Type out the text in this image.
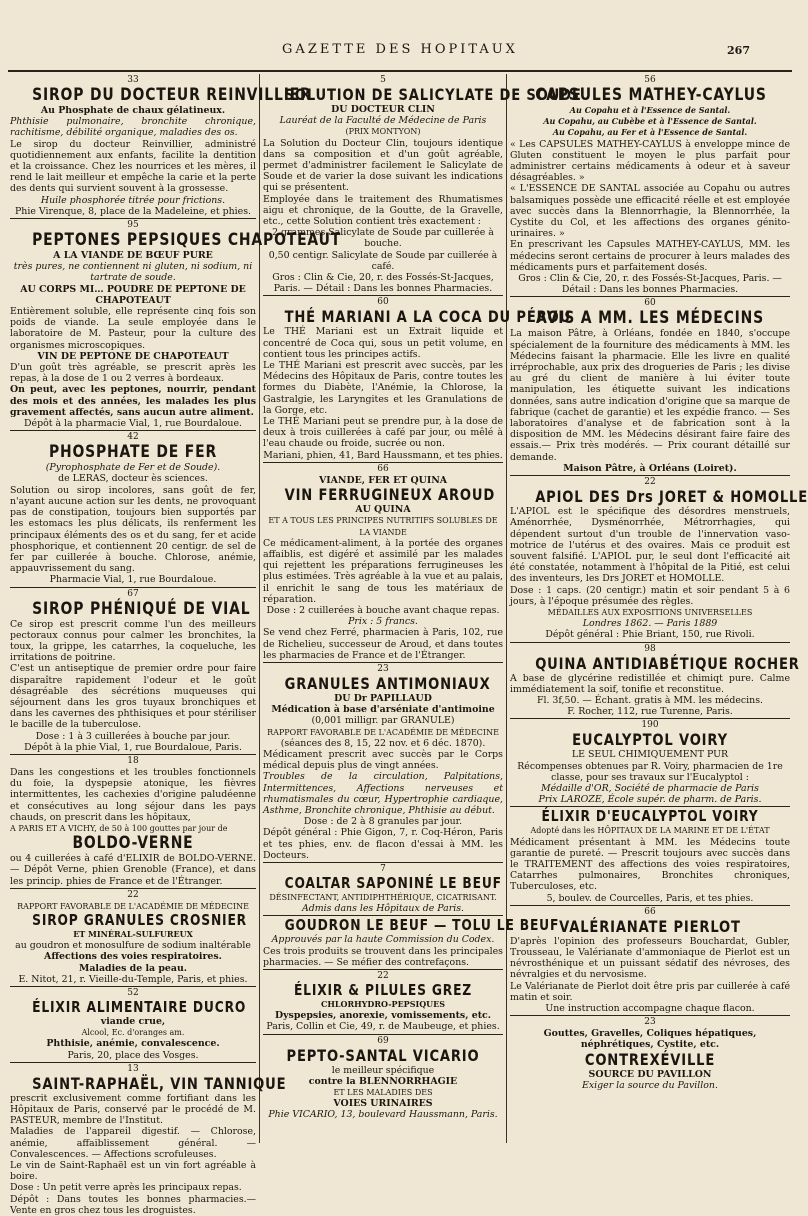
GAZETTE DES HOPITAUX	267
33
SIROP DU DOCTEUR REINVILLIER

Au Phosphate de chaux gélatineux.

Phthisie pulmonaire, bronchite chronique, rachitisme, débilité organique, maladies des os.

Le sirop du docteur Reinvillier, administré quotidiennement aux enfants, facilite la dentition et la croissance. Chez les nourrices et les mères, il rend le lait meilleur et empêche la carie et la perte des dents qui survient souvent à la grossesse.

Huile phosphorée titrée pour frictions.

Phie Virenque, 8, place de la Madeleine, et phies.

95
PEPTONES PEPSIQUES CHAPOTEAUT

A LA VIANDE DE BŒUF PURE

très pures, ne contiennent ni gluten, ni sodium, ni tartrate de soude.

AU CORPS MI… POUDRE DE PEPTONE DE CHAPOTEAUT

Entièrement soluble, elle représente cinq fois son poids de viande. La seule employée dans le laboratoire de M. Pasteur, pour la culture des organismes microscopiques.

VIN DE PEPTONE DE CHAPOTEAUT

D'un goût très agréable, se prescrit après les repas, à la dose de 1 ou 2 verres à bordeaux.

On peut, avec les peptones, nourrir, pendant des mois et des années, les malades les plus gravement affectés, sans aucun autre aliment.

Dépôt à la pharmacie Vial, 1, rue Bourdaloue.

42
PHOSPHATE DE FER

(Pyrophosphate de Fer et de Soude).

de LERAS, docteur ès sciences.

Solution ou sirop incolores, sans goût de fer, n'ayant aucune action sur les dents, ne provoquant pas de constipation, toujours bien supportés par les estomacs les plus délicats, ils renferment les principaux éléments des os et du sang, fer et acide phosphorique, et contiennent 20 centigr. de sel de fer par cuillerée à bouche. Chlorose, anémie, appauvrissement du sang.

Pharmacie Vial, 1, rue Bourdaloue.

67
SIROP PHÉNIQUÉ DE VIAL

Ce sirop est prescrit comme l'un des meilleurs pectoraux connus pour calmer les bronchites, la toux, la grippe, les catarrhes, la coqueluche, les irritations de poitrine.

C'est un antiseptique de premier ordre pour faire disparaître rapidement l'odeur et le goût désagréable des sécrétions muqueuses qui séjournent dans les gros tuyaux bronchiques et dans les cavernes des phthisiques et pour stériliser le bacille de la tuberculose.

Dose : 1 à 3 cuillerées à bouche par jour.

Dépôt à la phie Vial, 1, rue Bourdaloue, Paris.

18

Dans les congestions et les troubles fonctionnels du foie, la dyspepsie atonique, les fièvres intermittentes, les cachexies d'origine paludéenne et consécutives au long séjour dans les pays chauds, on prescrit dans les hôpitaux,

A PARIS ET A VICHY, de 50 à 100 gouttes par jour de

BOLDO-VERNE

ou 4 cuillerées à café d'ELIXIR de BOLDO-VERNE. — Dépôt Verne, phien Grenoble (France), et dans les princip. phies de France et de l'Étranger.

22

RAPPORT FAVORABLE DE L'ACADÉMIE DE MÉDECINE

SIROP GRANULES CROSNIER

ET MINÉRAL-SULFUREUX

au goudron et monosulfure de sodium inaltérable

Affections des voies respiratoires.

Maladies de la peau.

E. Nitot, 21, r. Vieille-du-Temple, Paris, et phies.

52
ÉLIXIR ALIMENTAIRE DUCRO

viande crue,

Alcool, Ec. d'oranges am.

Phthisie, anémie, convalescence.

Paris, 20, place des Vosges.

13
SAINT-RAPHAËL, VIN TANNIQUE

prescrit exclusivement comme fortifiant dans les Hôpitaux de Paris, conservé par le procédé de M. PASTEUR, membre de l'Institut.

Maladies de l'appareil digestif. — Chlorose, anémie, affaiblissement général. — Convalescences. — Affections scrofuleuses.

Le vin de Saint-Raphaël est un vin fort agréable à boire.

Dose : Un petit verre après les principaux repas.

Dépôt : Dans toutes les bonnes pharmacies.— Vente en gros chez tous les droguistes.

5
SOLUTION DE SALICYLATE DE SOUDE

DU DOCTEUR CLIN

Lauréat de la Faculté de Médecine de Paris

(PRIX MONTYON)

La Solution du Docteur Clin, toujours identique dans sa composition et d'un goût agréable, permet d'administrer facilement le Salicylate de Soude et de varier la dose suivant les indications qui se présentent.

Employée dans le traitement des Rhumatismes aigu et chronique, de la Goutte, de la Gravelle, etc., cette Solution contient très exactement :

2 grammes Salicylate de Soude par cuillerée à bouche.

0,50 centigr. Salicylate de Soude par cuillerée à café.

Gros : Clin & Cie, 20, r. des Fossés-St-Jacques, Paris. — Détail : Dans les bonnes Pharmacies.

60
THÉ MARIANI A LA COCA DU PÉROU

Le THÉ Mariani est un Extrait liquide et concentré de Coca qui, sous un petit volume, en contient tous les principes actifs.

Le THÉ Mariani est prescrit avec succès, par les Médecins des Hôpitaux de Paris, contre toutes les formes du Diabète, l'Anémie, la Chlorose, la Gastralgie, les Laryngites et les Granulations de la Gorge, etc.

Le THÉ Mariani peut se prendre pur, à la dose de deux à trois cuillerées à café par jour, ou mêlé à l'eau chaude ou froide, sucrée ou non.

Mariani, phien, 41, Bard Haussmann, et tes phies.

66

VIANDE, FER ET QUINA

VIN FERRUGINEUX AROUD

AU QUINA

ET A TOUS LES PRINCIPES NUTRITIFS SOLUBLES DE LA VIANDE

Ce médicament-aliment, à la portée des organes affaiblis, est digéré et assimilé par les malades qui rejettent les préparations ferrugineuses les plus estimées. Très agréable à la vue et au palais, il enrichit le sang de tous les matériaux de réparation.

Dose : 2 cuillerées à bouche avant chaque repas.

Prix : 5 francs.

Se vend chez Ferré, pharmacien à Paris, 102, rue de Richelieu, successeur de Aroud, et dans toutes les pharmacies de France et de l'Étranger.

23
GRANULES ANTIMONIAUX

DU Dr PAPILLAUD

Médication à base d'arséniate d'antimoine

(0,001 milligr. par GRANULE)

RAPPORT FAVORABLE DE L'ACADÉMIE DE MÉDECINE

(séances des 8, 15, 22 nov. et 6 déc. 1870).

Médicament prescrit avec succès par le Corps médical depuis plus de vingt années.

Troubles de la circulation, Palpitations, Intermittences, Affections nerveuses et rhumatismales du cœur, Hypertrophie cardiaque, Asthme, Bronchite chronique, Phthisie au début.

Dose : de 2 à 8 granules par jour.

Dépôt général : Phie Gigon, 7, r. Coq-Héron, Paris et tes phies, env. de flacon d'essai à MM. les Docteurs.

7
COALTAR SAPONINÉ LE BEUF

DÉSINFECTANT, ANTIDIPHTHÉRIQUE, CICATRISANT.

Admis dans les Hôpitaux de Paris.

GOUDRON LE BEUF — TOLU LE BEUF

Approuvés par la haute Commission du Codex.

Ces trois produits se trouvent dans les principales pharmacies. — Se méfier des contrefaçons.

22
ÉLIXIR & PILULES GREZ

CHLORHYDRO-PEPSIQUES

Dyspepsies, anorexie, vomissements, etc.

Paris, Collin et Cie, 49, r. de Maubeuge, et phies.

69
PEPTO-SANTAL VICARIO

le meilleur spécifique

contre la BLENNORRHAGIE

ET LES MALADIES DES

VOIES URINAIRES

Phie VICARIO, 13, boulevard Haussmann, Paris.

56
CAPSULES MATHEY-CAYLUS

Au Copahu et à l'Essence de Santal.

Au Copahu, au Cubèbe et à l'Essence de Santal.

Au Copahu, au Fer et à l'Essence de Santal.

« Les CAPSULES MATHEY-CAYLUS à enveloppe mince de Gluten constituent le moyen le plus parfait pour administrer certains médicaments à odeur et à saveur désagréables. »

« L'ESSENCE DE SANTAL associée au Copahu ou autres balsamiques possède une efficacité réelle et est employée avec succès dans la Blennorrhagie, la Blennorrhée, la Cystite du Col, et les affections des organes génito-urinaires. »

En prescrivant les Capsules MATHEY-CAYLUS, MM. les médecins seront certains de procurer à leurs malades des médicaments purs et parfaitement dosés.

Gros : Clin & Cie, 20, r. des Fossés-St-Jacques, Paris. — Détail : Dans les bonnes Pharmacies.

60
AVIS A MM. LES MÉDECINS

La maison Pâtre, à Orléans, fondée en 1840, s'occupe spécialement de la fourniture des médicaments à MM. les Médecins faisant la pharmacie. Elle les livre en qualité irréprochable, aux prix des drogueries de Paris ; les divise au gré du client de manière à lui éviter toute manipulation, les étiquette suivant les indications données, sans autre indication d'origine que sa marque de fabrique (cachet de garantie) et les expédie franco. — Ses laboratoires d'analyse et de fabrication sont à la disposition de MM. les Médecins désirant faire faire des essais.— Prix très modérés. — Prix courant détaillé sur demande.

Maison Pâtre, à Orléans (Loiret).

22
APIOL DES Drs JORET & HOMOLLE

L'APIOL est le spécifique des désordres menstruels, Aménorrhée, Dysménorrhée, Métrorrhagies, qui dépendent surtout d'un trouble de l'innervation vaso-motrice de l'utérus et des ovaires. Mais ce produit est souvent falsifié. L'APIOL pur, le seul dont l'efficacité ait été constatée, notamment à l'hôpital de la Pitié, est celui des inventeurs, les Drs JORET et HOMOLLE.

Dose : 1 caps. (20 centigr.) matin et soir pendant 5 à 6 jours, à l'époque présumée des règles.

MÉDAILLES AUX EXPOSITIONS UNIVERSELLES

Londres 1862. — Paris 1889

Dépôt général : Phie Briant, 150, rue Rivoli.

98
QUINA ANTIDIABÉTIQUE ROCHER

A base de glycérine redistillée et chimiqt pure. Calme immédiatement la soif, tonifie et reconstitue.

Fl. 3f,50. — Échant. gratis à MM. les médecins.

F. Rocher, 112, rue Turenne, Paris.

190
EUCALYPTOL VOIRY

LE SEUL CHIMIQUEMENT PUR

Récompenses obtenues par R. Voiry, pharmacien de 1re classe, pour ses travaux sur l'Eucalyptol :

Médaille d'OR, Société de pharmacie de Paris

Prix LAROZE, École supér. de pharm. de Paris.

ÉLIXIR D'EUCALYPTOL VOIRY

Adopté dans les HÔPITAUX DE LA MARINE ET DE L'ÉTAT

Médicament présentant à MM. les Médecins toute garantie de pureté. — Prescrit toujours avec succès dans le TRAITEMENT des affections des voies respiratoires, Catarrhes pulmonaires, Bronchites chroniques, Tuberculoses, etc.

5, boulev. de Courcelles, Paris, et tes phies.

66
VALÉRIANATE PIERLOT

D'après l'opinion des professeurs Bouchardat, Gubler, Trousseau, le Valérianate d'ammoniaque de Pierlot est un névrosthénique et un puissant sédatif des névroses, des névralgies et du nervosisme.

Le Valérianate de Pierlot doit être pris par cuillerée à café matin et soir.

Une instruction accompagne chaque flacon.

23

Gouttes, Gravelles, Coliques hépatiques, néphrétiques, Cystite, etc.

CONTREXÉVILLE

SOURCE DU PAVILLON

Exiger la source du Pavillon.
